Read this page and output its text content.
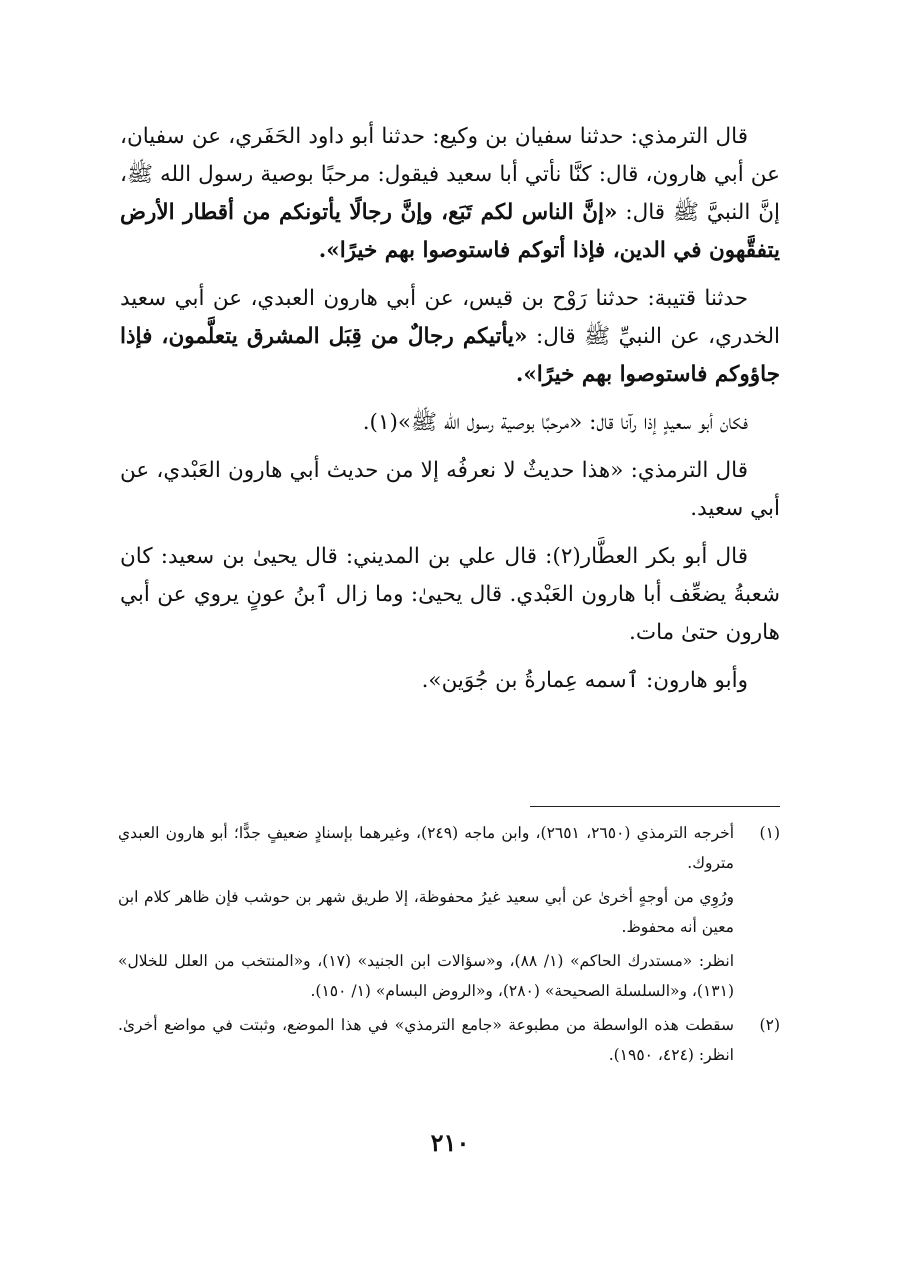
قال الترمذي: حدثنا سفيان بن وكيع: حدثنا أبو داود الحَفَري، عن سفيان، عن أبي هارون، قال: كنَّا نأتي أبا سعيد فيقول: مرحبًا بوصية رسول الله ﷺ، إنَّ النبيَّ ﷺ قال: «إنَّ الناس لكم تَبَع، وإنَّ رجالًا يأتونكم من أقطار الأرض يتفقَّهون في الدين، فإذا أتوكم فاستوصوا بهم خيرًا».

حدثنا قتيبة: حدثنا رَوْح بن قيس، عن أبي هارون العبدي، عن أبي سعيد الخدري، عن النبيِّ ﷺ قال: «يأتيكم رجالٌ من قِبَل المشرق يتعلَّمون، فإذا جاؤوكم فاستوصوا بهم خيرًا».

فكان أبو سعيدٍ إذا رآنا قال: «مرحبًا بوصية رسول الله ﷺ»(١).

قال الترمذي: «هذا حديثٌ لا نعرفُه إلا من حديث أبي هارون العَبْدي، عن أبي سعيد.

قال أبو بكر العطَّار(٢): قال علي بن المديني: قال يحيىٰ بن سعيد: كان شعبةُ يضعِّف أبا هارون العَبْدي. قال يحيىٰ: وما زال ٱبنُ عونٍ يروي عن أبي هارون حتىٰ مات.

وأبو هارون: ٱسمه عِمارةُ بن جُوَين».

(١)
أخرجه الترمذي (٢٦٥٠، ٢٦٥١)، وابن ماجه (٢٤٩)، وغيرهما بإسنادٍ ضعيفٍ جدًّا؛ أبو هارون العبدي متروك.
ورُوِي من أوجهٍ أخرىٰ عن أبي سعيد غيرُ محفوظة، إلا طريق شهر بن حوشب فإن ظاهر كلام ابن معين أنه محفوظ.
انظر: «مستدرك الحاكم» (١/ ٨٨)، و«سؤالات ابن الجنيد» (١٧)، و«المنتخب من العلل للخلال» (١٣١)، و«السلسلة الصحيحة» (٢٨٠)، و«الروض البسام» (١/ ١٥٠).
(٢)
سقطت هذه الواسطة من مطبوعة «جامع الترمذي» في هذا الموضع، وثبتت في مواضع أخرىٰ. انظر: (٤٢٤، ١٩٥٠).
٢١٠
